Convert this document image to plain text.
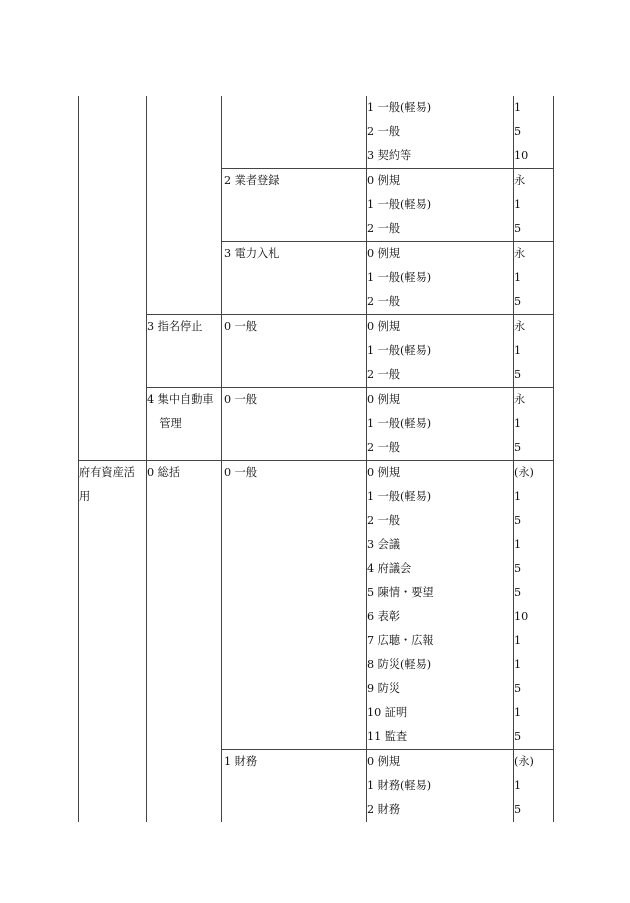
			1 一般(軽易)	1
			2 一般	5
			3 契約等	10
		2 業者登録	0 例規	永
			1 一般(軽易)	1
			2 一般	5
		3 電力入札	0 例規	永
			1 一般(軽易)	1
			2 一般	5
	3 指名停止	0 一般	0 例規	永
			1 一般(軽易)	1
			2 一般	5
	4 集中自動車管理	0 一般	0 例規	永
			1 一般(軽易)	1
			2 一般	5
府有資産活用	0 総括	0 一般	0 例規	(永)
			1 一般(軽易)	1
			2 一般	5
			3 会議	1
			4 府議会	5
			5 陳情・要望	5
			6 表彰	10
			7 広聴・広報	1
			8 防災(軽易)	1
			9 防災	5
			10 証明	1
			11 監査	5
		1 財務	0 例規	(永)
			1 財務(軽易)	1
			2 財務	5
